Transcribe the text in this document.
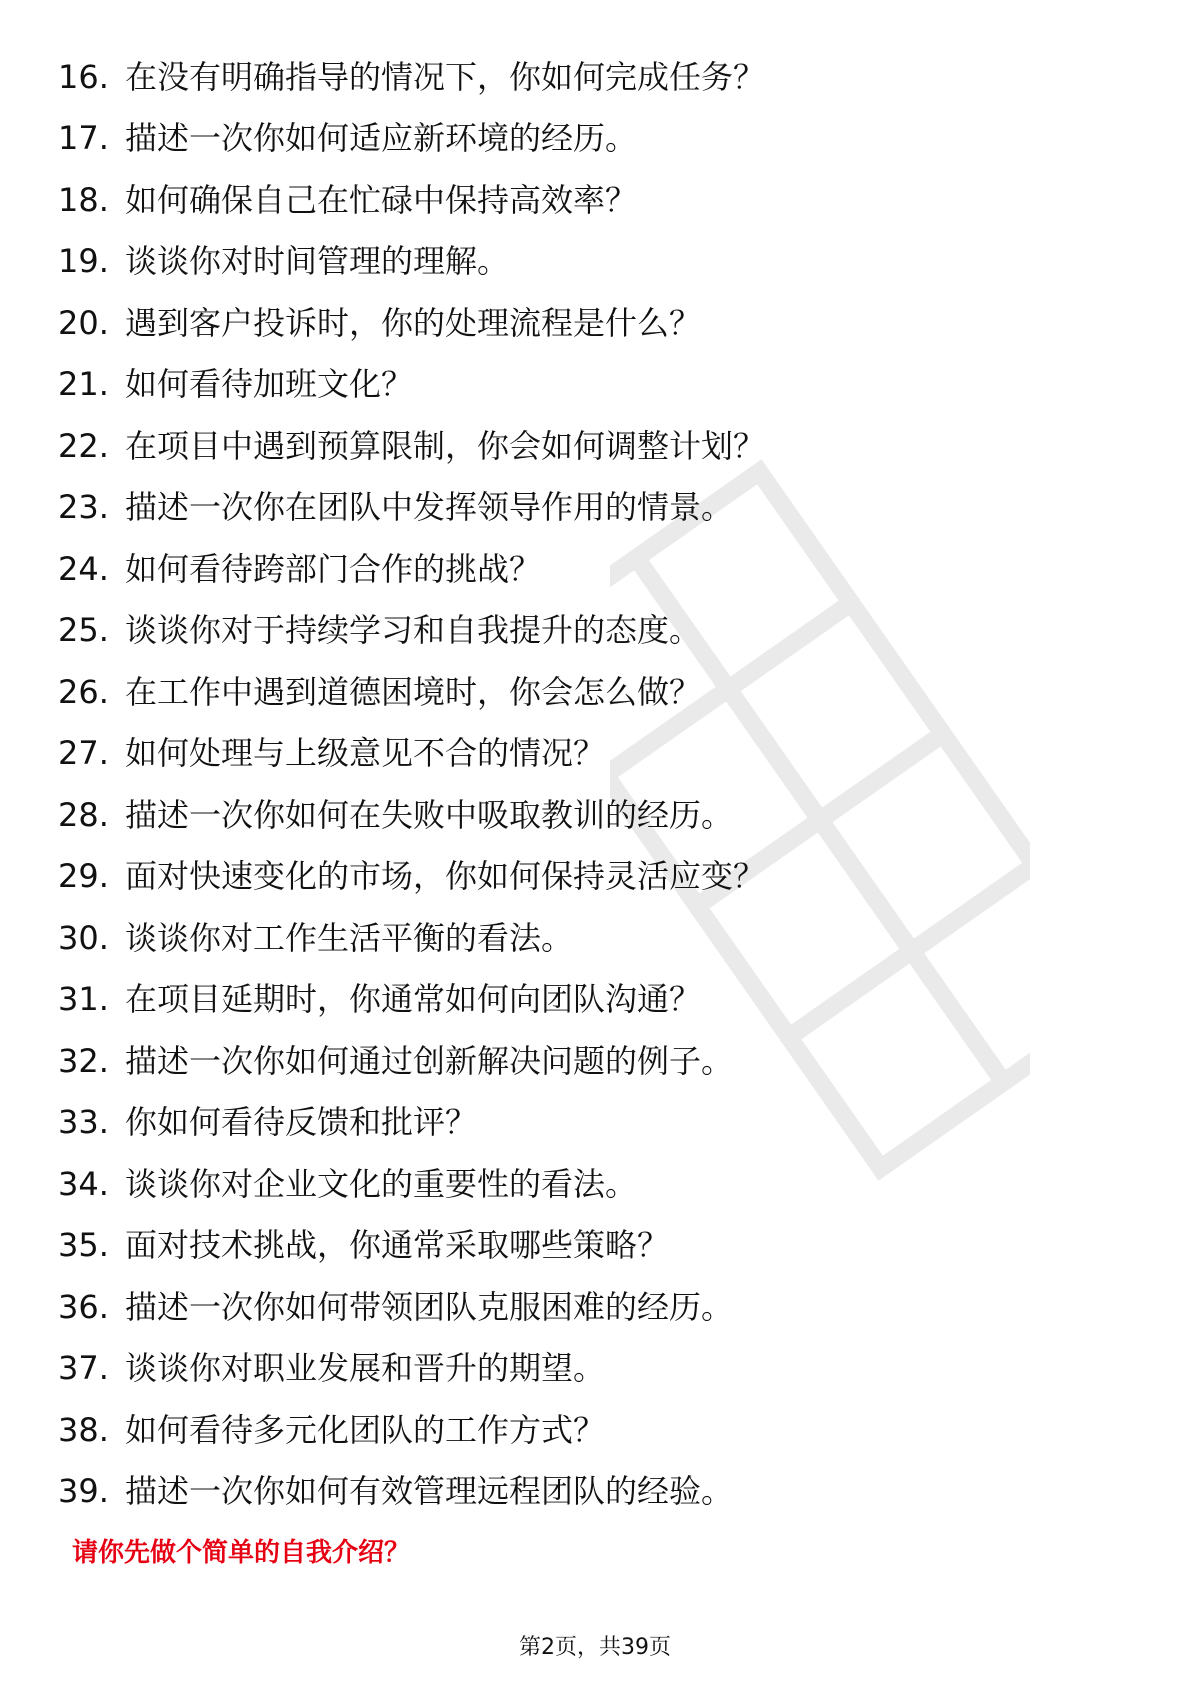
16. 在没有明确指导的情况下，你如何完成任务？
17. 描述一次你如何适应新环境的经历。
18. 如何确保自己在忙碌中保持高效率？
19. 谈谈你对时间管理的理解。
20. 遇到客户投诉时，你的处理流程是什么？
21. 如何看待加班文化？
22. 在项目中遇到预算限制，你会如何调整计划？
23. 描述一次你在团队中发挥领导作用的情景。
24. 如何看待跨部门合作的挑战？
25. 谈谈你对于持续学习和自我提升的态度。
26. 在工作中遇到道德困境时，你会怎么做？
27. 如何处理与上级意见不合的情况？
28. 描述一次你如何在失败中吸取教训的经历。
29. 面对快速变化的市场，你如何保持灵活应变？
30. 谈谈你对工作生活平衡的看法。
31. 在项目延期时，你通常如何向团队沟通？
32. 描述一次你如何通过创新解决问题的例子。
33. 你如何看待反馈和批评？
34. 谈谈你对企业文化的重要性的看法。
35. 面对技术挑战，你通常采取哪些策略？
36. 描述一次你如何带领团队克服困难的经历。
37. 谈谈你对职业发展和晋升的期望。
38. 如何看待多元化团队的工作方式？
39. 描述一次你如何有效管理远程团队的经验。
请你先做个简单的自我介绍？
第2页，共39页
